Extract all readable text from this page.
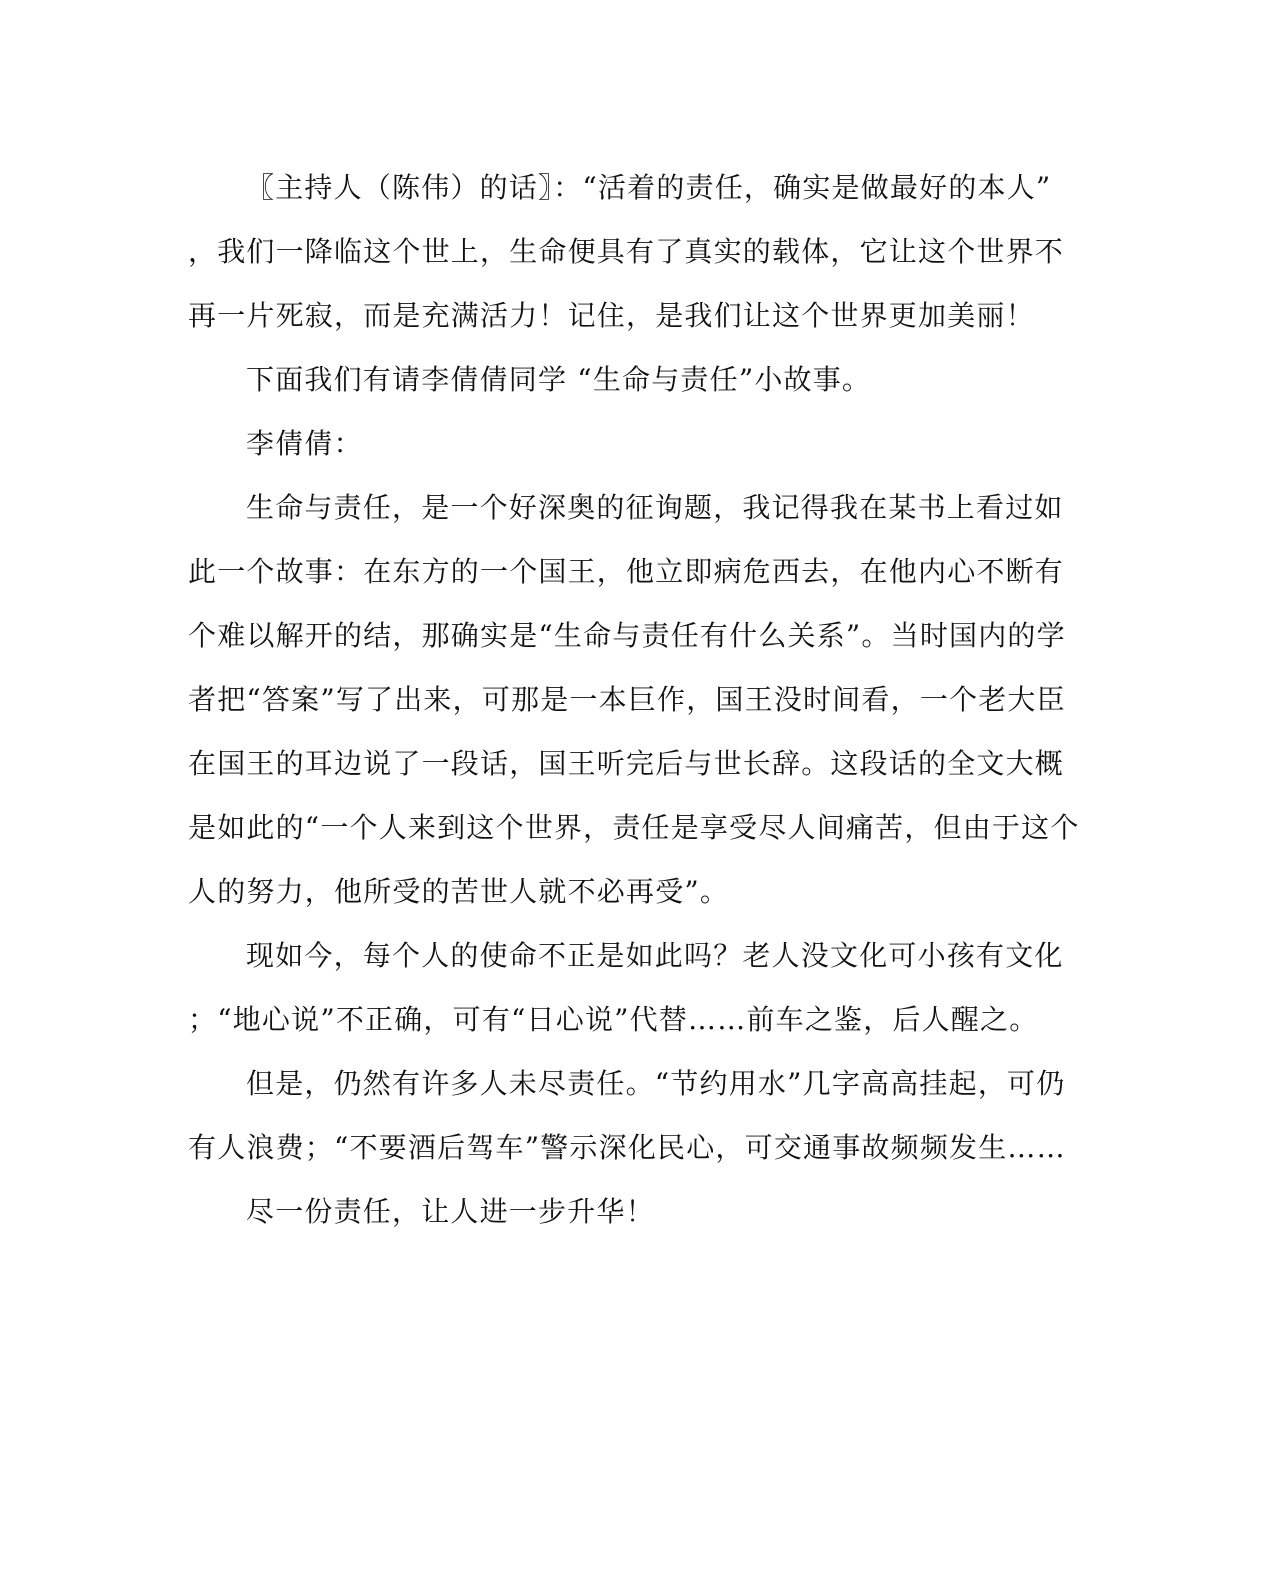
〖主持人（陈伟）的话〗：“活着的责任，确实是做最好的本人”
，我们一降临这个世上，生命便具有了真实的载体，它让这个世界不
再一片死寂，而是充满活力！记住，是我们让这个世界更加美丽！
下面我们有请李倩倩同学 “生命与责任”小故事。
李倩倩：
生命与责任，是一个好深奥的征询题，我记得我在某书上看过如
此一个故事：在东方的一个国王，他立即病危西去，在他内心不断有
个难以解开的结，那确实是“生命与责任有什么关系”。当时国内的学
者把“答案”写了出来，可那是一本巨作，国王没时间看，一个老大臣
在国王的耳边说了一段话，国王听完后与世长辞。这段话的全文大概
是如此的“一个人来到这个世界，责任是享受尽人间痛苦，但由于这个
人的努力，他所受的苦世人就不必再受”。
现如今，每个人的使命不正是如此吗？老人没文化可小孩有文化
；“地心说”不正确，可有“日心说”代替……前车之鉴，后人醒之。
但是，仍然有许多人未尽责任。“节约用水”几字高高挂起，可仍
有人浪费；“不要酒后驾车”警示深化民心，可交通事故频频发生……
尽一份责任，让人进一步升华！
